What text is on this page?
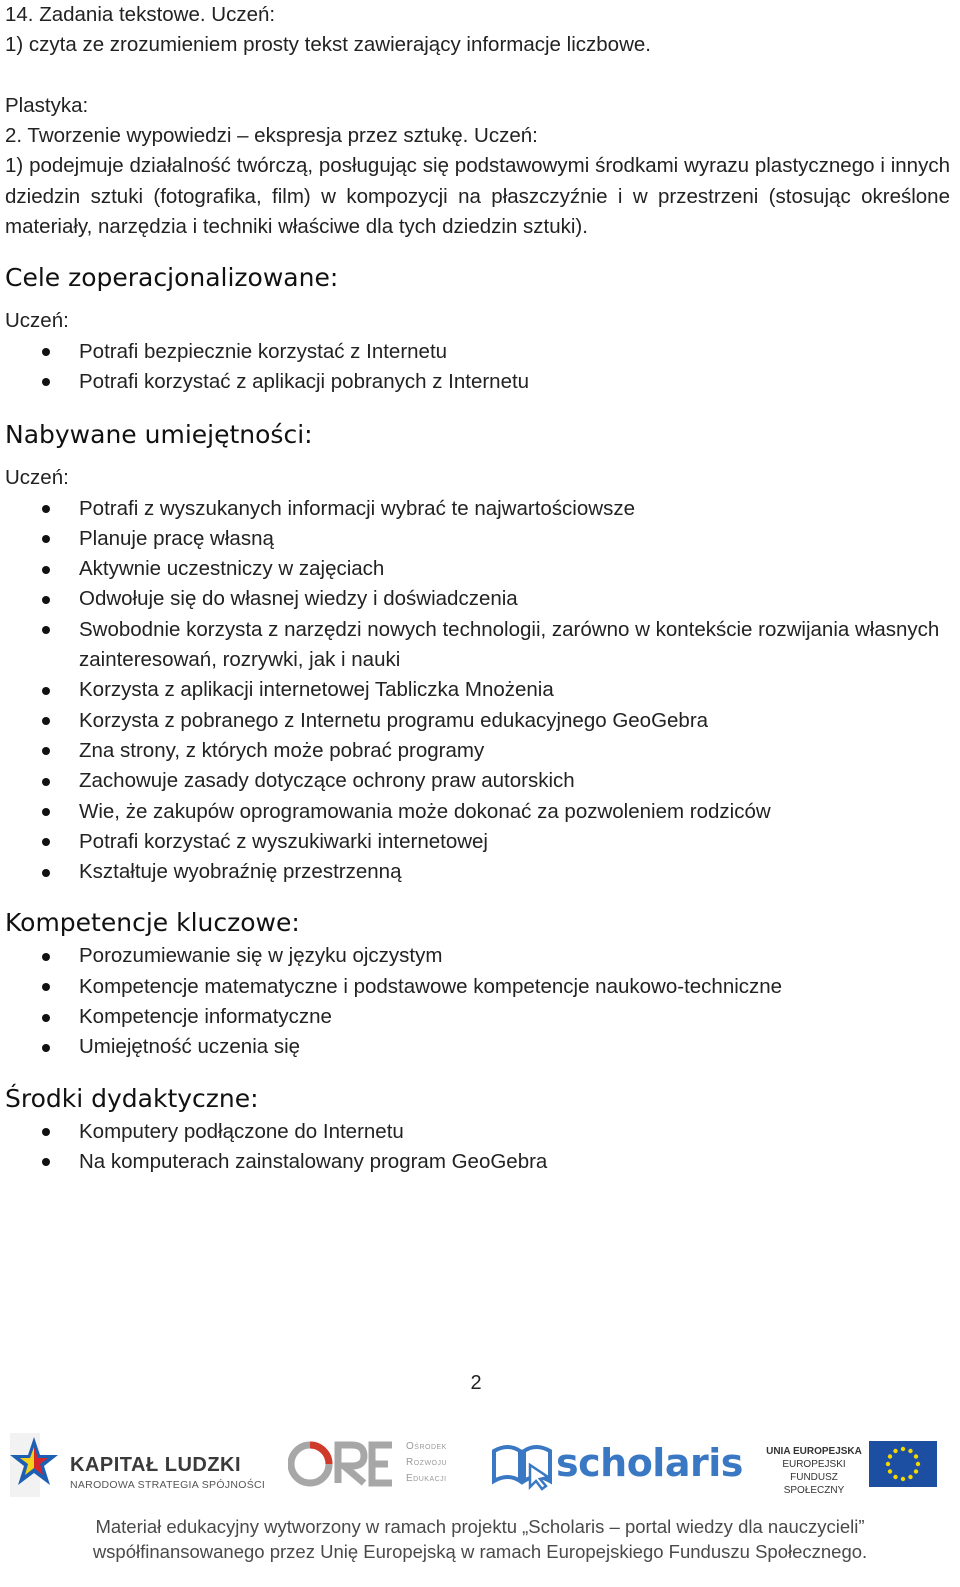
14. Zadania tekstowe. Uczeń:

1) czyta ze zrozumieniem prosty tekst zawierający informacje liczbowe.

Plastyka:

2. Tworzenie wypowiedzi – ekspresja przez sztukę. Uczeń:

1) podejmuje działalność twórczą, posługując się podstawowymi środkami wyrazu plastycznego i innych dziedzin sztuki (fotografika, film) w kompozycji na płaszczyźnie i w przestrzeni (stosując określone materiały, narzędzia i techniki właściwe dla tych dziedzin sztuki).

Cele zoperacjonalizowane:

Uczeń:

Potrafi bezpiecznie korzystać z Internetu
Potrafi korzystać z aplikacji pobranych z Internetu
Nabywane umiejętności:

Uczeń:

Potrafi z wyszukanych informacji wybrać te najwartościowsze
Planuje pracę własną
Aktywnie uczestniczy w zajęciach
Odwołuje się do własnej wiedzy i doświadczenia
Swobodnie korzysta z narzędzi nowych technologii, zarówno w kontekście rozwijania własnych zainteresowań, rozrywki, jak i nauki
Korzysta z aplikacji internetowej Tabliczka Mnożenia
Korzysta z pobranego z Internetu programu edukacyjnego GeoGebra
Zna strony, z których może pobrać programy
Zachowuje zasady dotyczące ochrony praw autorskich
Wie, że zakupów oprogramowania może dokonać za pozwoleniem rodziców
Potrafi korzystać z wyszukiwarki internetowej
Kształtuje wyobraźnię przestrzenną
Kompetencje kluczowe:
Porozumiewanie się w języku ojczystym
Kompetencje matematyczne i podstawowe kompetencje naukowo-techniczne
Kompetencje informatyczne
Umiejętność uczenia się
Środki dydaktyczne:
Komputery podłączone do Internetu
Na komputerach zainstalowany program GeoGebra
2
KAPITAŁ LUDZKI
NARODOWA STRATEGIA SPÓJNOŚCI
Ośrodek
Rozwoju
Edukacji	scholaris UNIA EUROPEJSKA
EUROPEJSKI
FUNDUSZ SPOŁECZNY
Materiał edukacyjny wytworzony w ramach projektu „Scholaris – portal wiedzy dla nauczycieli”
współfinansowanego przez Unię Europejską w ramach Europejskiego Funduszu Społecznego.
